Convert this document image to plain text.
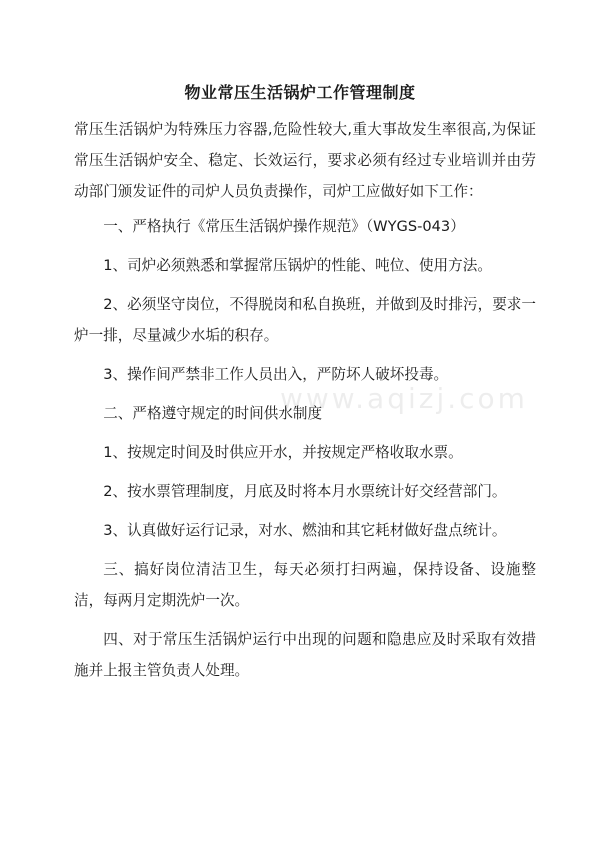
物业常压生活锅炉工作管理制度

常压生活锅炉为特殊压力容器,危险性较大,重大事故发生率很高,为保证常压生活锅炉安全、稳定、长效运行，要求必须有经过专业培训并由劳动部门颁发证件的司炉人员负责操作，司炉工应做好如下工作：

一、严格执行《常压生活锅炉操作规范》（WYGS-043）

1、司炉必须熟悉和掌握常压锅炉的性能、吨位、使用方法。

2、必须坚守岗位，不得脱岗和私自换班，并做到及时排污，要求一炉一排，尽量减少水垢的积存。

3、操作间严禁非工作人员出入，严防坏人破坏投毒。

二、严格遵守规定的时间供水制度

1、按规定时间及时供应开水，并按规定严格收取水票。

2、按水票管理制度，月底及时将本月水票统计好交经营部门。

3、认真做好运行记录，对水、燃油和其它耗材做好盘点统计。

三、搞好岗位清洁卫生，每天必须打扫两遍，保持设备、设施整洁，每两月定期洗炉一次。

四、对于常压生活锅炉运行中出现的问题和隐患应及时采取有效措施并上报主管负责人处理。

www.aqizj.com
